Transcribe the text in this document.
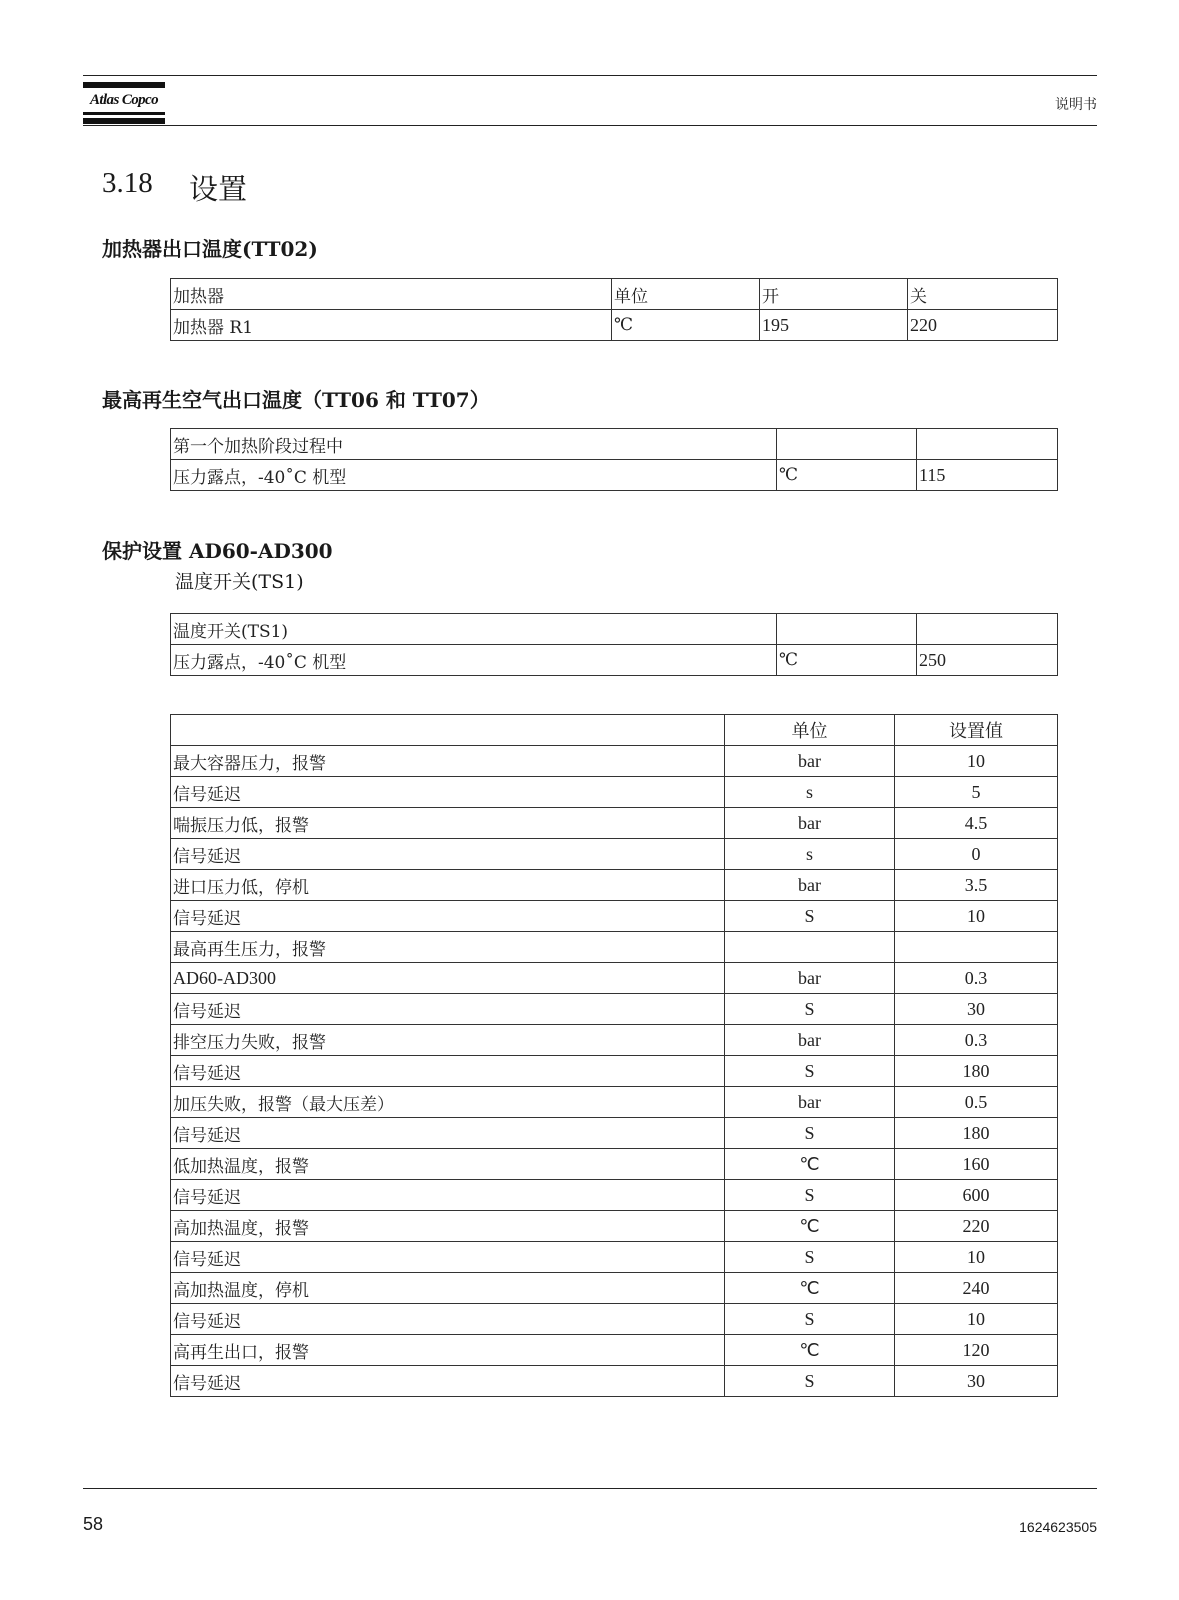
Atlas Copco	说明书
3.18 设置
加热器出口温度(TT02)
加热器	单位	开	关
加热器 R1	℃	195	220
最高再生空气出口温度（TT06 和 TT07）
第一个加热阶段过程中		
压力露点，-40˚C 机型	℃	115
保护设置 AD60-AD300
温度开关(TS1)
温度开关(TS1)		
压力露点，-40˚C 机型	℃	250
	单位	设置值
最大容器压力，报警	bar	10
信号延迟	s	5
喘振压力低，报警	bar	4.5
信号延迟	s	0
进口压力低，停机	bar	3.5
信号延迟	S	10
最高再生压力，报警		
AD60-AD300	bar	0.3
信号延迟	S	30
排空压力失败，报警	bar	0.3
信号延迟	S	180
加压失败，报警（最大压差）	bar	0.5
信号延迟	S	180
低加热温度，报警	℃	160
信号延迟	S	600
高加热温度，报警	℃	220
信号延迟	S	10
高加热温度，停机	℃	240
信号延迟	S	10
高再生出口，报警	℃	120
信号延迟	S	30
58	1624623505
